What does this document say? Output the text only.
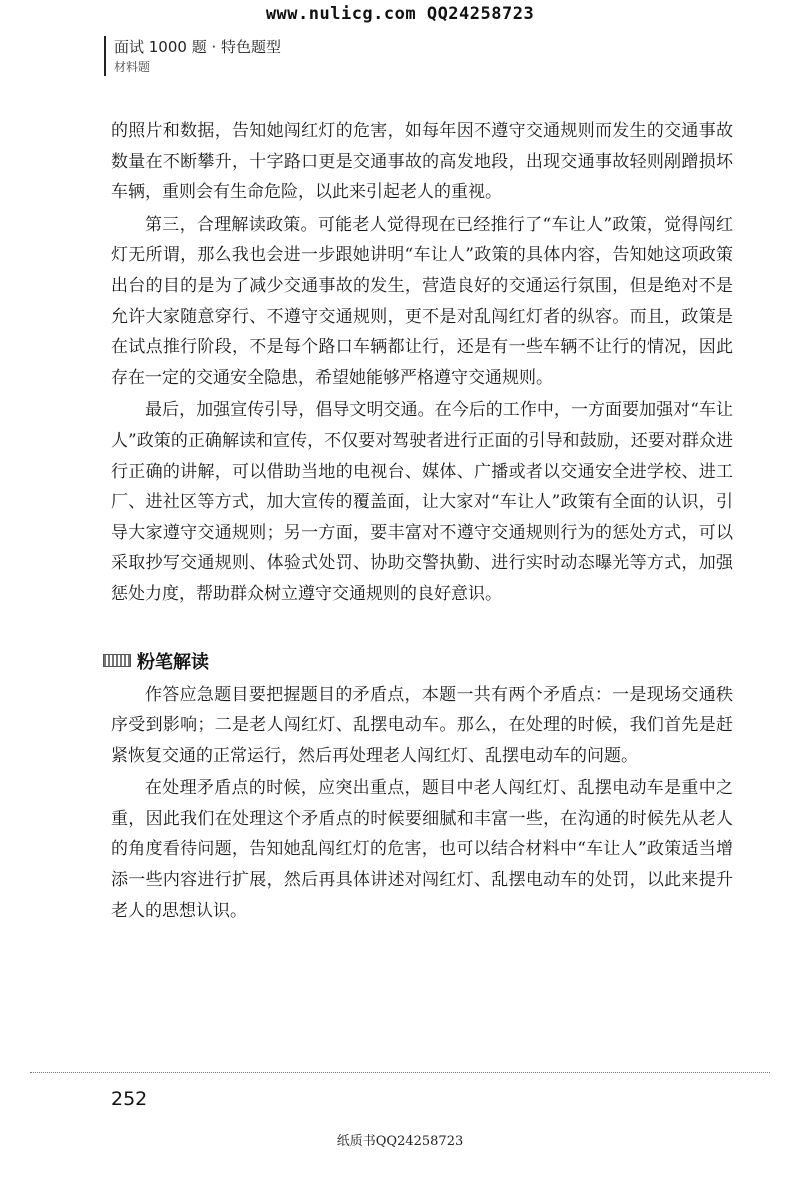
www.nulicg.com QQ24258723
面试 1000 题 · 特色题型
材料题

的照片和数据，告知她闯红灯的危害，如每年因不遵守交通规则而发生的交通事故数量在不断攀升，十字路口更是交通事故的高发地段，出现交通事故轻则剐蹭损坏车辆，重则会有生命危险，以此来引起老人的重视。

第三，合理解读政策。可能老人觉得现在已经推行了“车让人”政策，觉得闯红灯无所谓，那么我也会进一步跟她讲明“车让人”政策的具体内容，告知她这项政策出台的目的是为了减少交通事故的发生，营造良好的交通运行氛围，但是绝对不是允许大家随意穿行、不遵守交通规则，更不是对乱闯红灯者的纵容。而且，政策是在试点推行阶段，不是每个路口车辆都让行，还是有一些车辆不让行的情况，因此存在一定的交通安全隐患，希望她能够严格遵守交通规则。

最后，加强宣传引导，倡导文明交通。在今后的工作中，一方面要加强对“车让人”政策的正确解读和宣传，不仅要对驾驶者进行正面的引导和鼓励，还要对群众进行正确的讲解，可以借助当地的电视台、媒体、广播或者以交通安全进学校、进工厂、进社区等方式，加大宣传的覆盖面，让大家对“车让人”政策有全面的认识，引导大家遵守交通规则；另一方面，要丰富对不遵守交通规则行为的惩处方式，可以采取抄写交通规则、体验式处罚、协助交警执勤、进行实时动态曝光等方式，加强惩处力度，帮助群众树立遵守交通规则的良好意识。

粉笔解读

作答应急题目要把握题目的矛盾点，本题一共有两个矛盾点：一是现场交通秩序受到影响；二是老人闯红灯、乱摆电动车。那么，在处理的时候，我们首先是赶紧恢复交通的正常运行，然后再处理老人闯红灯、乱摆电动车的问题。

在处理矛盾点的时候，应突出重点，题目中老人闯红灯、乱摆电动车是重中之重，因此我们在处理这个矛盾点的时候要细腻和丰富一些，在沟通的时候先从老人的角度看待问题，告知她乱闯红灯的危害，也可以结合材料中“车让人”政策适当增添一些内容进行扩展，然后再具体讲述对闯红灯、乱摆电动车的处罚，以此来提升老人的思想认识。

252
纸质书QQ24258723
